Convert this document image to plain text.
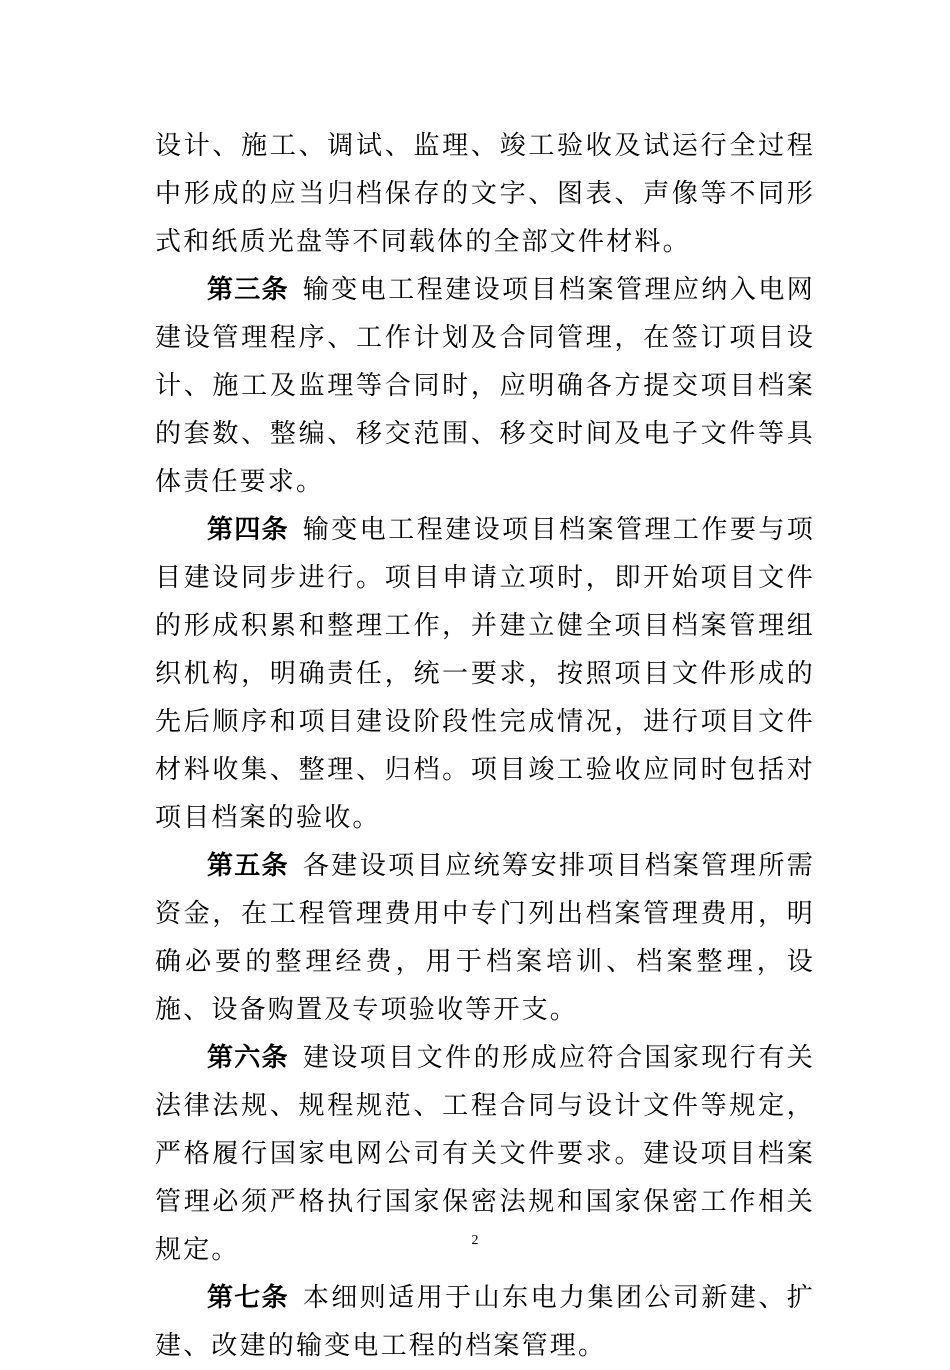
设计、施工、调试、监理、竣工验收及试运行全过程中形成的应当归档保存的文字、图表、声像等不同形式和纸质光盘等不同载体的全部文件材料。

第三条 输变电工程建设项目档案管理应纳入电网建设管理程序、工作计划及合同管理，在签订项目设计、施工及监理等合同时，应明确各方提交项目档案的套数、整编、移交范围、移交时间及电子文件等具体责任要求。

第四条 输变电工程建设项目档案管理工作要与项目建设同步进行。项目申请立项时，即开始项目文件的形成积累和整理工作，并建立健全项目档案管理组织机构，明确责任，统一要求，按照项目文件形成的先后顺序和项目建设阶段性完成情况，进行项目文件材料收集、整理、归档。项目竣工验收应同时包括对项目档案的验收。

第五条 各建设项目应统筹安排项目档案管理所需资金，在工程管理费用中专门列出档案管理费用，明确必要的整理经费，用于档案培训、档案整理，设施、设备购置及专项验收等开支。

第六条 建设项目文件的形成应符合国家现行有关法律法规、规程规范、工程合同与设计文件等规定，严格履行国家电网公司有关文件要求。建设项目档案管理必须严格执行国家保密法规和国家保密工作相关规定。

第七条 本细则适用于山东电力集团公司新建、扩建、改建的输变电工程的档案管理。

2
